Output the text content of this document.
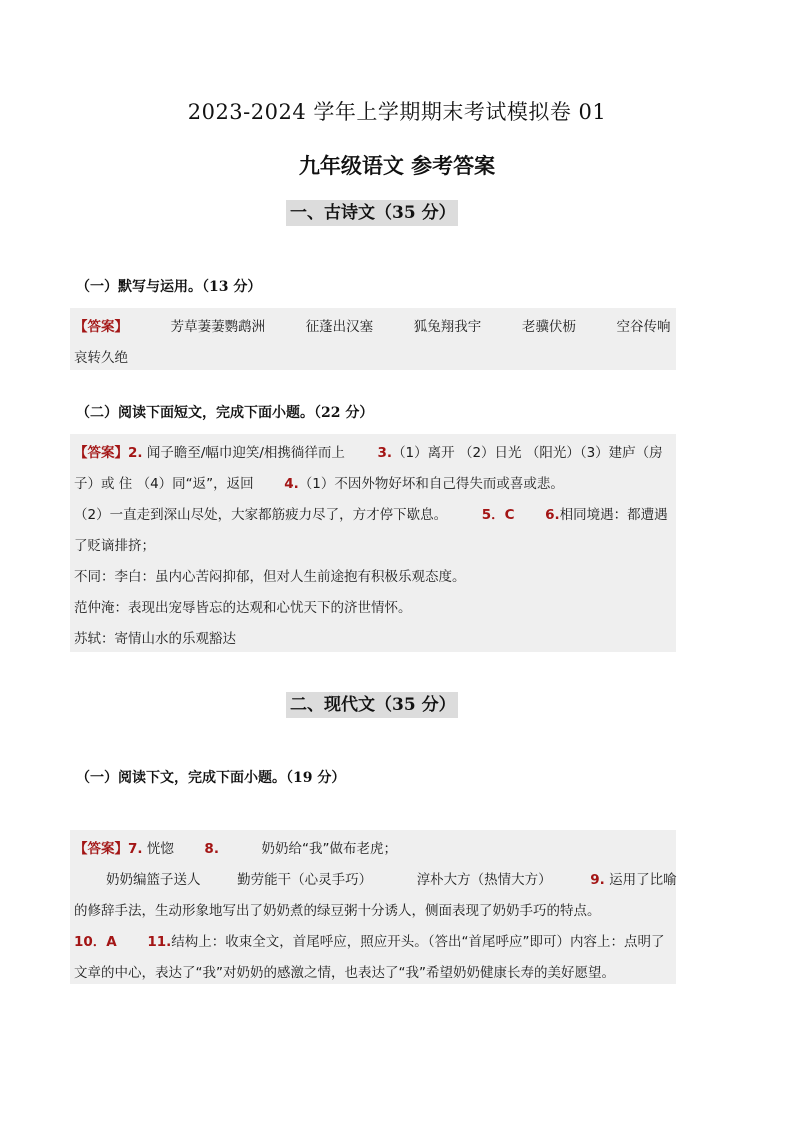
2023-2024 学年上学期期末考试模拟卷 01
九年级语文 参考答案
一、古诗文（35 分）
（一）默写与运用。（13 分）
【答案】	芳草萋萋鹦鹉洲	征蓬出汉塞	狐兔翔我宇	老骥伏枥	空谷传响
哀转久绝
（二）阅读下面短文，完成下面小题。（22 分）
【答案】2. 闻子瞻至/幅巾迎笑/相携徜徉而上 3.（1）离开 （2）日光 （阳光）（3）建庐（房
子）或 住 （4）同“返”，返回 4.（1）不因外物好坏和自己得失而或喜或悲。
（2）一直走到深山尽处，大家都筋疲力尽了，方才停下歇息。	5．C 6.相同境遇：都遭遇
了贬谪排挤；
不同：李白：虽内心苦闷抑郁，但对人生前途抱有积极乐观态度。
范仲淹：表现出宠辱皆忘的达观和心忧天下的济世情怀。
苏轼：寄情山水的乐观豁达
二、现代文（35 分）
（一）阅读下文，完成下面小题。（19 分）
【答案】7. 恍惚 8.	奶奶给“我”做布老虎；
奶奶编篮子送人	勤劳能干（心灵手巧）	淳朴大方（热情大方）	9. 运用了比喻
的修辞手法，生动形象地写出了奶奶煮的绿豆粥十分诱人，侧面表现了奶奶手巧的特点。
10．A 11.结构上：收束全文，首尾呼应，照应开头。（答出“首尾呼应”即可）内容上：点明了
文章的中心，表达了“我”对奶奶的感激之情，也表达了“我”希望奶奶健康长寿的美好愿望。
